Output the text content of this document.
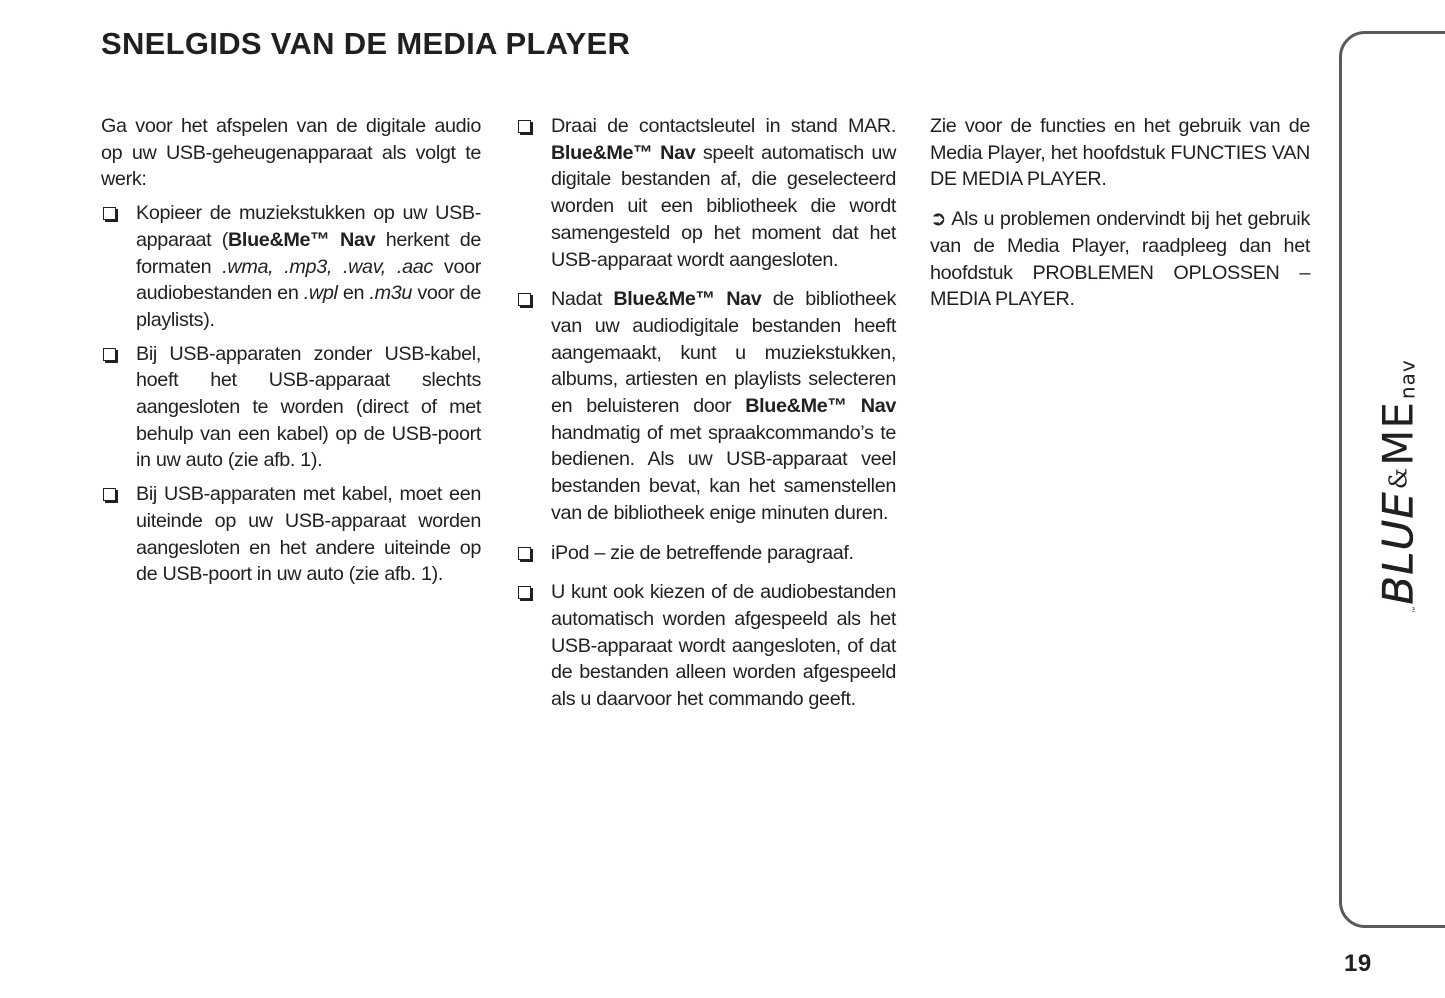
SNELGIDS VAN DE MEDIA PLAYER

Ga voor het afspelen van de digitale audio op uw USB-geheugenapparaat als volgt te werk:

Kopieer de muziekstukken op uw USB-apparaat (Blue&Me™ Nav herkent de formaten .wma, .mp3, .wav, .aac voor audiobestanden en .wpl en .m3u voor de playlists).
Bij USB-apparaten zonder USB-kabel, hoeft het USB-apparaat slechts aangesloten te worden (direct of met behulp van een kabel) op de USB-poort in uw auto (zie afb. 1).
Bij USB-apparaten met kabel, moet een uiteinde op uw USB-apparaat worden aangesloten en het andere uiteinde op de USB-poort in uw auto (zie afb. 1).
Draai de contactsleutel in stand MAR. Blue&Me™ Nav speelt automatisch uw digitale bestanden af, die geselecteerd worden uit een bibliotheek die wordt samengesteld op het moment dat het USB-apparaat wordt aangesloten.
Nadat Blue&Me™ Nav de bibliotheek van uw audiodigitale bestanden heeft aangemaakt, kunt u muziekstukken, albums, artiesten en playlists selecteren en beluisteren door Blue&Me™ Nav handmatig of met spraakcommando’s te bedienen. Als uw USB-apparaat veel bestanden bevat, kan het samenstellen van de bibliotheek enige minuten duren.
iPod – zie de betreffende paragraaf.
U kunt ook kiezen of de audiobestanden automatisch worden afgespeeld als het USB-apparaat wordt aangesloten, of dat de bestanden alleen worden afgespeeld als u daarvoor het commando geeft.

Zie voor de functies en het gebruik van de Media Player, het hoofdstuk FUNCTIES VAN DE MEDIA PLAYER.

➲ Als u problemen ondervindt bij het gebruik van de Media Player, raadpleeg dan het hoofdstuk PROBLEMEN OPLOSSEN – MEDIA PLAYER.

™
BLUE
&
ME
nav
19
